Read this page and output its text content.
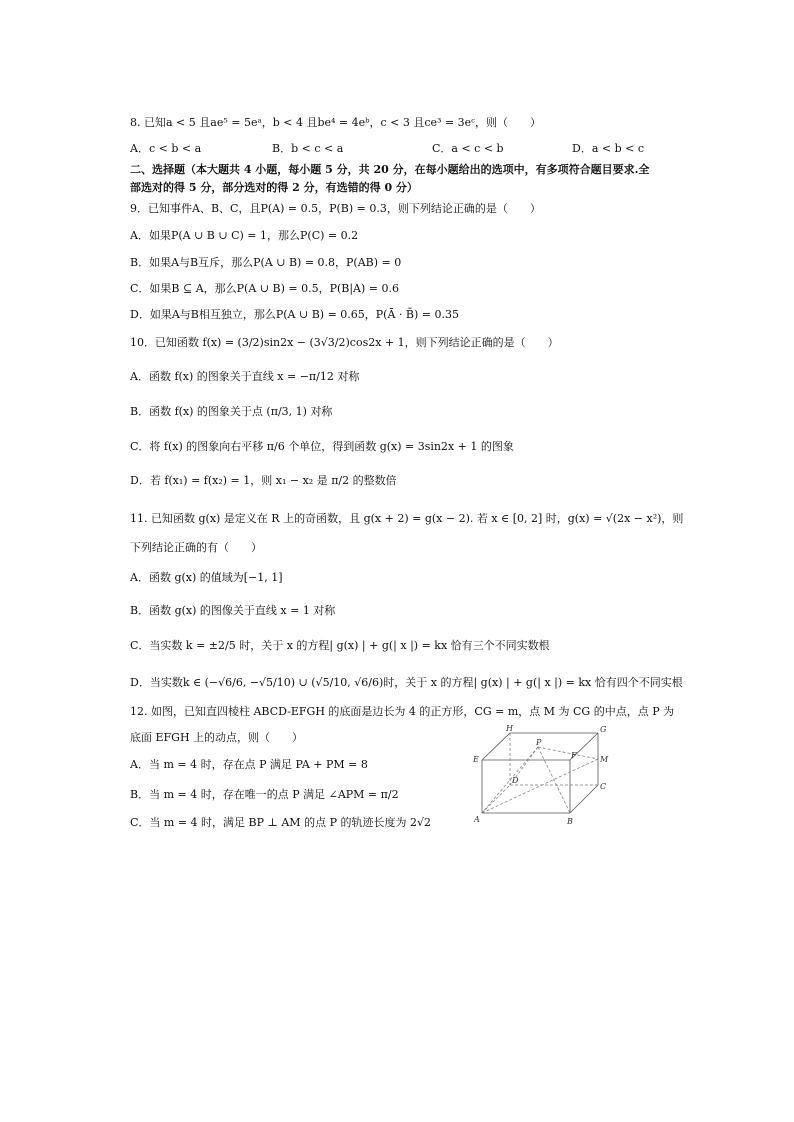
8. 已知a < 5 且ae⁵ = 5eᵃ，b < 4 且be⁴ = 4eᵇ，c < 3 且ce³ = 3eᶜ，则（　　）
A．c < b < a	B．b < c < a	C．a < c < b	D．a < b < c
二、选择题（本大题共 4 小题，每小题 5 分，共 20 分，在每小题给出的选项中，有多项符合题目要求.全
部选对的得 5 分，部分选对的得 2 分，有选错的得 0 分）
9．已知事件A、B、C，且P(A) = 0.5，P(B) = 0.3，则下列结论正确的是（　　）
A．如果P(A ∪ B ∪ C) = 1，那么P(C) = 0.2
B．如果A与B互斥，那么P(A ∪ B) = 0.8，P(AB) = 0
C．如果B ⊆ A，那么P(A ∪ B) = 0.5，P(B|A) = 0.6
D．如果A与B相互独立，那么P(A ∪ B) = 0.65，P(Ā · B̄) = 0.35
10．已知函数 f(x) = (3/2)sin2x − (3√3/2)cos2x + 1，则下列结论正确的是（　　）
A．函数 f(x) 的图象关于直线 x = −π/12 对称
B．函数 f(x) 的图象关于点 (π/3, 1) 对称
C．将 f(x) 的图象向右平移 π/6 个单位，得到函数 g(x) = 3sin2x + 1 的图象
D．若 f(x₁) = f(x₂) = 1，则 x₁ − x₂ 是 π/2 的整数倍
11. 已知函数 g(x) 是定义在 R 上的奇函数，且 g(x + 2) = g(x − 2). 若 x ∈ [0, 2] 时，g(x) = √(2x − x²)，则
下列结论正确的有（　　）
A．函数 g(x) 的值域为[−1, 1]
B．函数 g(x) 的图像关于直线 x = 1 对称
C．当实数 k = ±2/5 时，关于 x 的方程| g(x) | + g(| x |) = kx 恰有三个不同实数根
D．当实数k ∈ (−√6/6, −√5/10) ∪ (√5/10, √6/6)时，关于 x 的方程| g(x) | + g(| x |) = kx 恰有四个不同实根
12. 如图，已知直四棱柱 ABCD-EFGH 的底面是边长为 4 的正方形，CG = m，点 M 为 CG 的中点，点 P 为
底面 EFGH 上的动点，则（　　）
A．当 m = 4 时，存在点 P 满足 PA + PM = 8
B．当 m = 4 时，存在唯一的点 P 满足 ∠APM = π/2
C．当 m = 4 时，满足 BP ⊥ AM 的点 P 的轨迹长度为 2√2
H
P
G
E	F	M
D
C
A	B
